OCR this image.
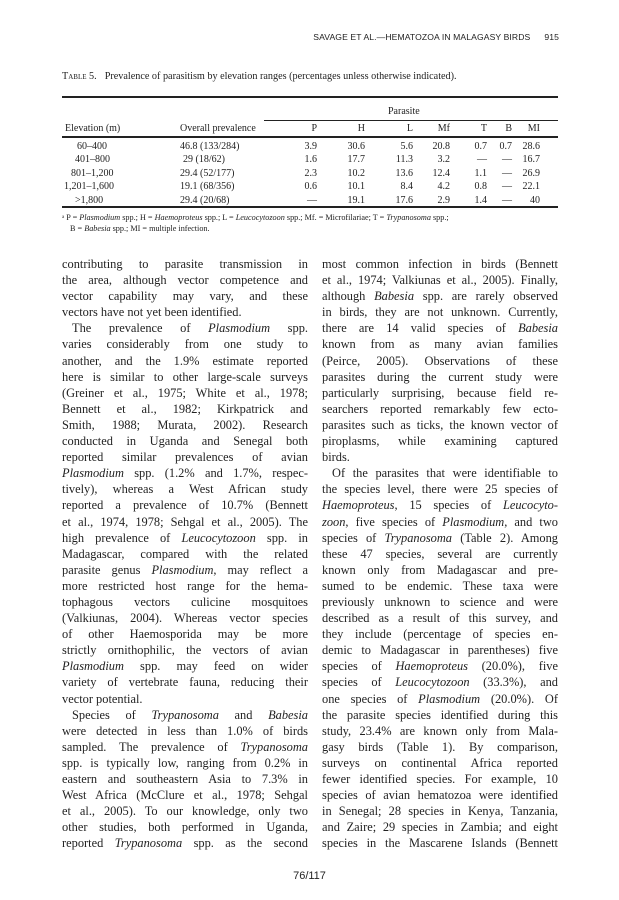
SAVAGE ET AL.—HEMATOZOA IN MALAGASY BIRDS 915
Table 5. Prevalence of parasitism by elevation ranges (percentages unless otherwise indicated).
Parasite
Elevation (m)	Overall prevalence	P	H	L	Mf	T	B	MI
60–400	46.8 (133/284)	3.9	30.6	5.6	20.8	0.7	0.7	28.6
401–800	29 (18/62)	1.6	17.7	11.3	3.2	—	—	16.7
801–1,200	29.4 (52/177)	2.3	10.2	13.6	12.4	1.1	—	26.9
1,201–1,600	19.1 (68/356)	0.6	10.1	8.4	4.2	0.8	—	22.1
>1,800	29.4 (20/68)	—	19.1	17.6	2.9	1.4	—	40
ᵃ P = Plasmodium spp.; H = Haemoproteus spp.; L = Leucocytozoon spp.; Mf. = Microfilariae; T = Trypanosoma spp.;
B = Babesia spp.; MI = multiple infection.
contributing to parasite transmission in
the area, although vector competence and
vector capability may vary, and these
vectors have not yet been identified.
The prevalence of Plasmodium spp.
varies considerably from one study to
another, and the 1.9% estimate reported
here is similar to other large-scale surveys
(Greiner et al., 1975; White et al., 1978;
Bennett et al., 1982; Kirkpatrick and
Smith, 1988; Murata, 2002). Research
conducted in Uganda and Senegal both
reported similar prevalences of avian
Plasmodium spp. (1.2% and 1.7%, respec-
tively), whereas a West African study
reported a prevalence of 10.7% (Bennett
et al., 1974, 1978; Sehgal et al., 2005). The
high prevalence of Leucocytozoon spp. in
Madagascar, compared with the related
parasite genus Plasmodium, may reflect a
more restricted host range for the hema-
tophagous vectors culicine mosquitoes
(Valkiunas, 2004). Whereas vector species
of other Haemosporida may be more
strictly ornithophilic, the vectors of avian
Plasmodium spp. may feed on wider
variety of vertebrate fauna, reducing their
vector potential.
Species of Trypanosoma and Babesia
were detected in less than 1.0% of birds
sampled. The prevalence of Trypanosoma
spp. is typically low, ranging from 0.2% in
eastern and southeastern Asia to 7.3% in
West Africa (McClure et al., 1978; Sehgal
et al., 2005). To our knowledge, only two
other studies, both performed in Uganda,
reported Trypanosoma spp. as the second
most common infection in birds (Bennett
et al., 1974; Valkiunas et al., 2005). Finally,
although Babesia spp. are rarely observed
in birds, they are not unknown. Currently,
there are 14 valid species of Babesia
known from as many avian families
(Peirce, 2005). Observations of these
parasites during the current study were
particularly surprising, because field re-
searchers reported remarkably few ecto-
parasites such as ticks, the known vector of
piroplasms, while examining captured
birds.
Of the parasites that were identifiable to
the species level, there were 25 species of
Haemoproteus, 15 species of Leucocyto-
zoon, five species of Plasmodium, and two
species of Trypanosoma (Table 2). Among
these 47 species, several are currently
known only from Madagascar and pre-
sumed to be endemic. These taxa were
previously unknown to science and were
described as a result of this survey, and
they include (percentage of species en-
demic to Madagascar in parentheses) five
species of Haemoproteus (20.0%), five
species of Leucocytozoon (33.3%), and
one species of Plasmodium (20.0%). Of
the parasite species identified during this
study, 23.4% are known only from Mala-
gasy birds (Table 1). By comparison,
surveys on continental Africa reported
fewer identified species. For example, 10
species of avian hematozoa were identified
in Senegal; 28 species in Kenya, Tanzania,
and Zaire; 29 species in Zambia; and eight
species in the Mascarene Islands (Bennett
76/117
